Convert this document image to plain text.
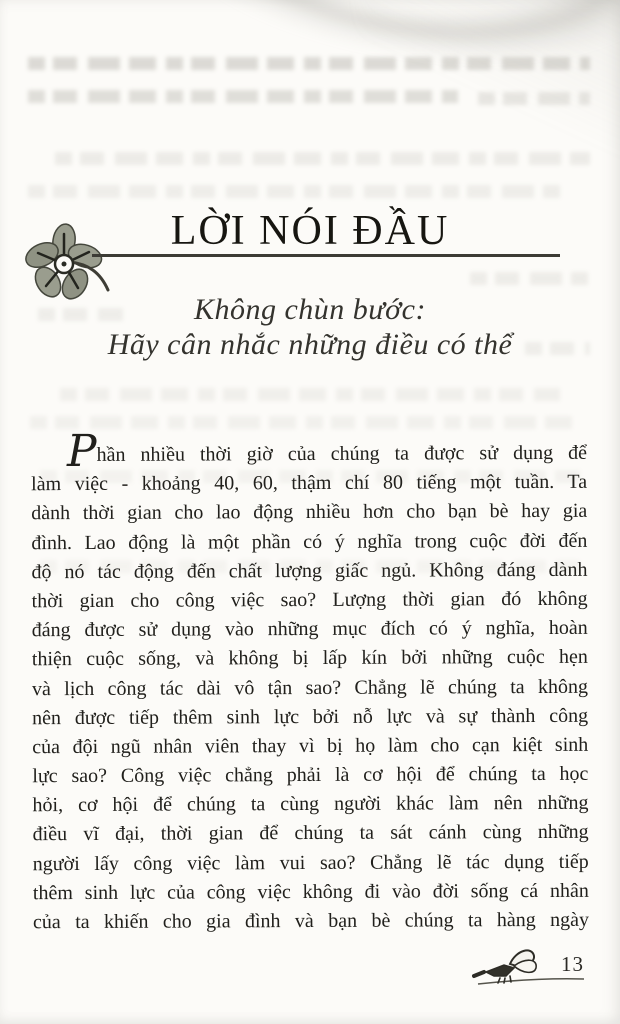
LỜI NÓI ĐẦU
Không chùn bước:
Hãy cân nhắc những điều có thể
Phần nhiều thời giờ của chúng ta được sử dụng để
làm việc - khoảng 40, 60, thậm chí 80 tiếng một tuần. Ta
dành thời gian cho lao động nhiều hơn cho bạn bè hay gia
đình. Lao động là một phần có ý nghĩa trong cuộc đời đến
độ nó tác động đến chất lượng giấc ngủ. Không đáng dành
thời gian cho công việc sao? Lượng thời gian đó không
đáng được sử dụng vào những mục đích có ý nghĩa, hoàn
thiện cuộc sống, và không bị lấp kín bởi những cuộc hẹn
và lịch công tác dài vô tận sao? Chẳng lẽ chúng ta không
nên được tiếp thêm sinh lực bởi nỗ lực và sự thành công
của đội ngũ nhân viên thay vì bị họ làm cho cạn kiệt sinh
lực sao? Công việc chẳng phải là cơ hội để chúng ta học
hỏi, cơ hội để chúng ta cùng người khác làm nên những
điều vĩ đại, thời gian để chúng ta sát cánh cùng những
người lấy công việc làm vui sao? Chẳng lẽ tác dụng tiếp
thêm sinh lực của công việc không đi vào đời sống cá nhân
của ta khiến cho gia đình và bạn bè chúng ta hàng ngày
13
